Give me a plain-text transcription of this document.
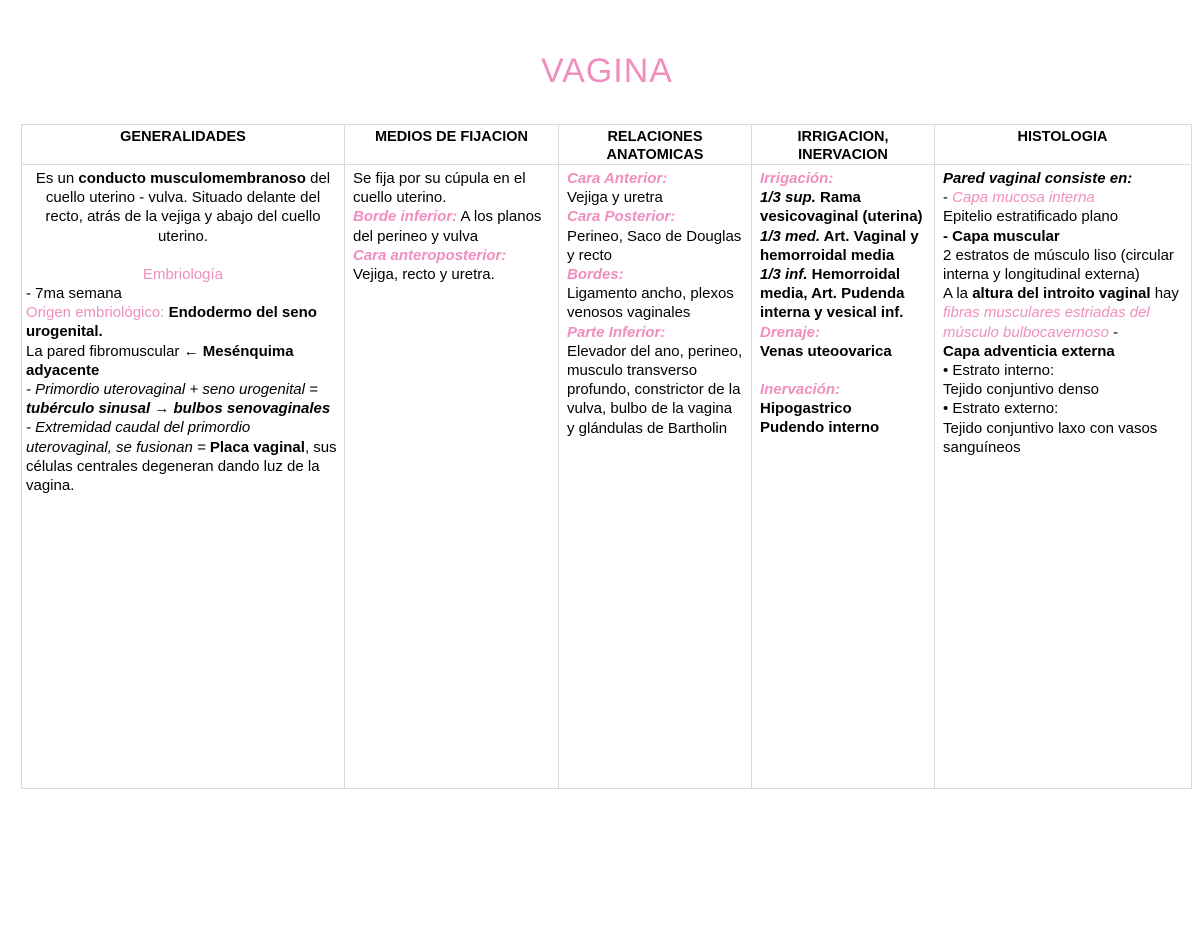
VAGINA
GENERALIDADES

Es un conducto musculomembranoso del cuello uterino - vulva. Situado delante del recto, atrás de la vejiga y abajo del cuello uterino.

Embriología

- 7ma semana

Origen embriológico: Endodermo del seno urogenital.

La pared fibromuscular ← Mesénquima adyacente

- Primordio uterovaginal + seno urogenital = tubérculo sinusal → bulbos senovaginales

- Extremidad caudal del primordio uterovaginal, se fusionan = Placa vaginal, sus células centrales degeneran dando luz de la vagina.

MEDIOS DE FIJACION

Se fija por su cúpula en el cuello uterino.

Borde inferior: A los planos del perineo y vulva

Cara anteroposterior:

Vejiga, recto y uretra.

RELACIONES ANATOMICAS

Cara Anterior:

Vejiga y uretra

Cara Posterior:

Perineo, Saco de Douglas y recto

Bordes:

Ligamento ancho, plexos venosos vaginales

Parte Inferior:

Elevador del ano, perineo, musculo transverso profundo, constrictor de la vulva, bulbo de la vagina y glándulas de Bartholin

IRRIGACION, INERVACION

Irrigación:

1/3 sup. Rama vesicovaginal (uterina)

1/3 med. Art. Vaginal y hemorroidal media

1/3 inf. Hemorroidal media, Art. Pudenda interna y vesical inf.

Drenaje:

Venas uteoovarica

Inervación:

Hipogastrico Pudendo interno

HISTOLOGIA

Pared vaginal consiste en:

- Capa mucosa interna

Epitelio estratificado plano

- Capa muscular

2 estratos de músculo liso (circular interna y longitudinal externa)

A la altura del introito vaginal hay fibras musculares estriadas del músculo bulbocavernoso -

Capa adventicia externa

• Estrato interno:

Tejido conjuntivo denso

• Estrato externo:

Tejido conjuntivo laxo con vasos sanguíneos
